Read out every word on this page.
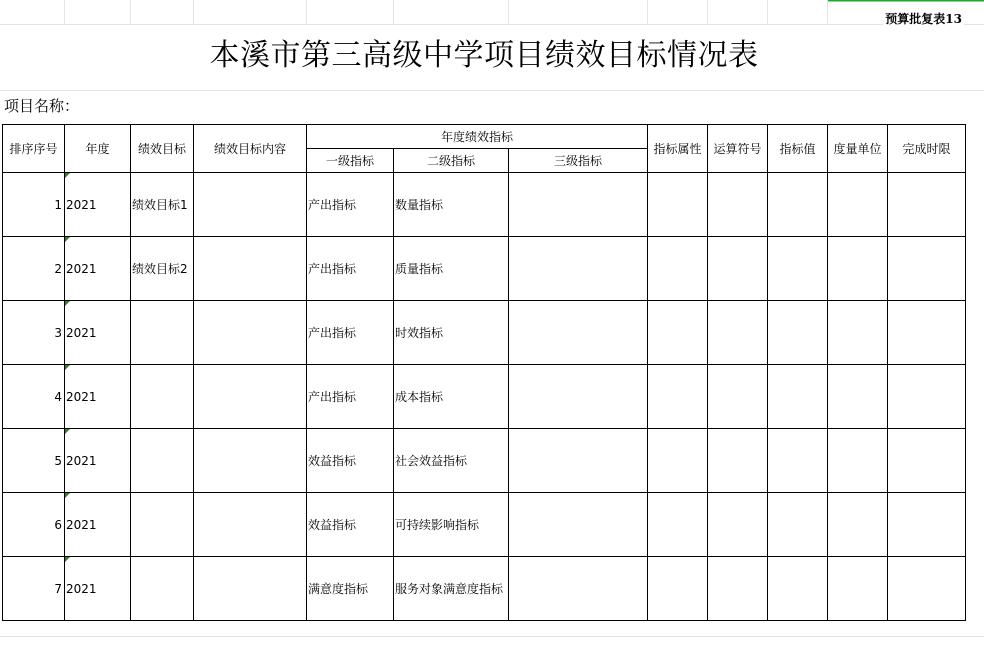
预算批复表13
本溪市第三高级中学项目绩效目标情况表
项目名称：
排序序号	年度	绩效目标	绩效目标内容	年度绩效指标			指标属性	运算符号	指标值	度量单位	完成时限
				一级指标	二级指标	三级指标					
1	2021	绩效目标1		产出指标	数量指标						
2	2021	绩效目标2		产出指标	质量指标						
3	2021			产出指标	时效指标						
4	2021			产出指标	成本指标						
5	2021			效益指标	社会效益指标						
6	2021			效益指标	可持续影响指标						
7	2021			满意度指标	服务对象满意度指标						
